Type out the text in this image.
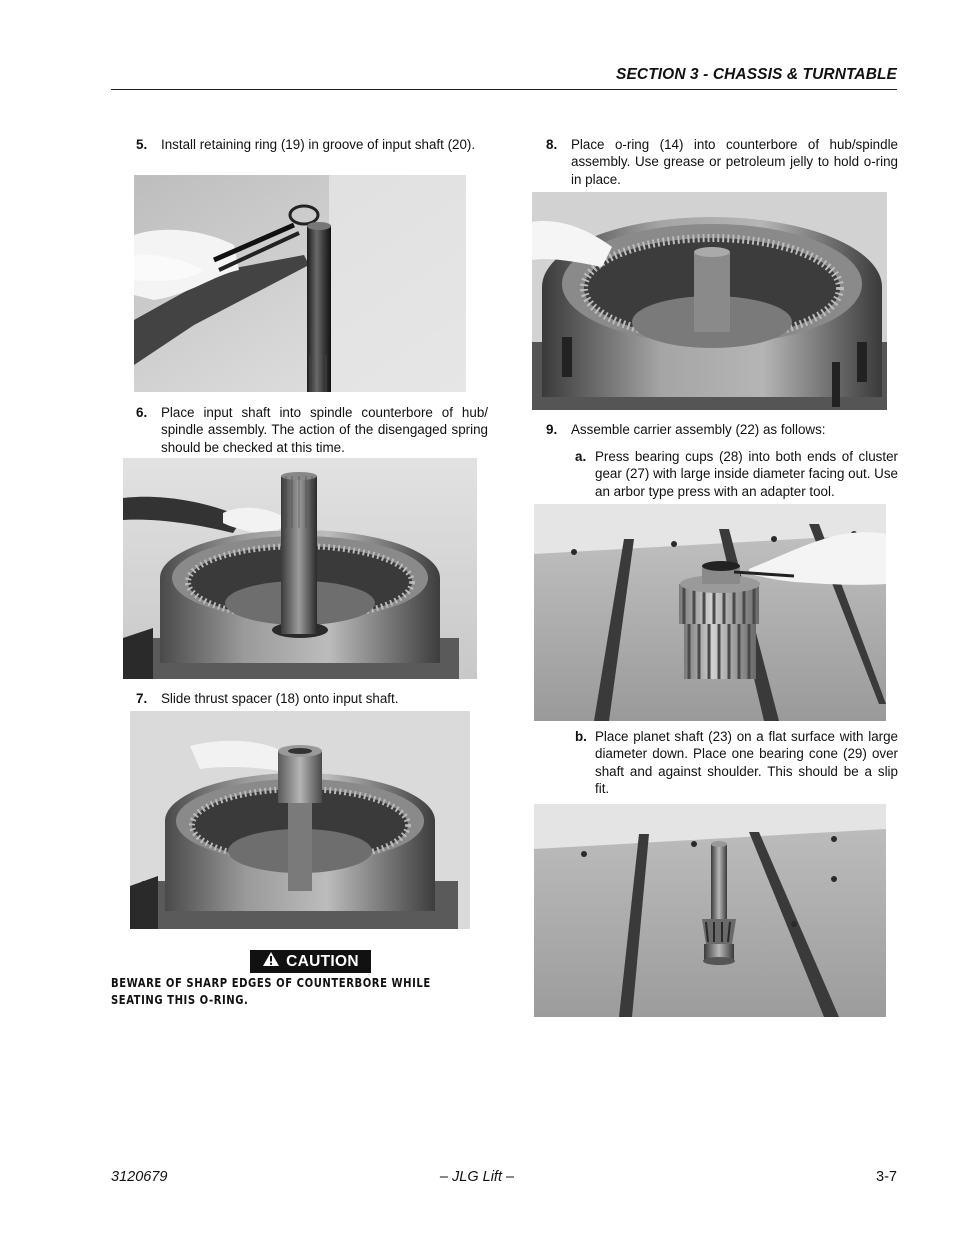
SECTION 3 - CHASSIS & TURNTABLE
5. Install retaining ring (19) in groove of input shaft (20).
6. Place input shaft into spindle counterbore of hub/ spindle assembly. The action of the disengaged spring should be checked at this time.
7. Slide thrust spacer (18) onto input shaft.
CAUTION
BEWARE OF SHARP EDGES OF COUNTERBORE WHILE SEATING THIS O-RING.
8. Place o-ring (14) into counterbore of hub/spindle assembly. Use grease or petroleum jelly to hold o-ring in place.
9. Assemble carrier assembly (22) as follows:
a. Press bearing cups (28) into both ends of cluster gear (27) with large inside diameter facing out. Use an arbor type press with an adapter tool.
b. Place planet shaft (23) on a flat surface with large diameter down. Place one bearing cone (29) over shaft and against shoulder. This should be a slip fit.
3120679	– JLG Lift –	3-7
